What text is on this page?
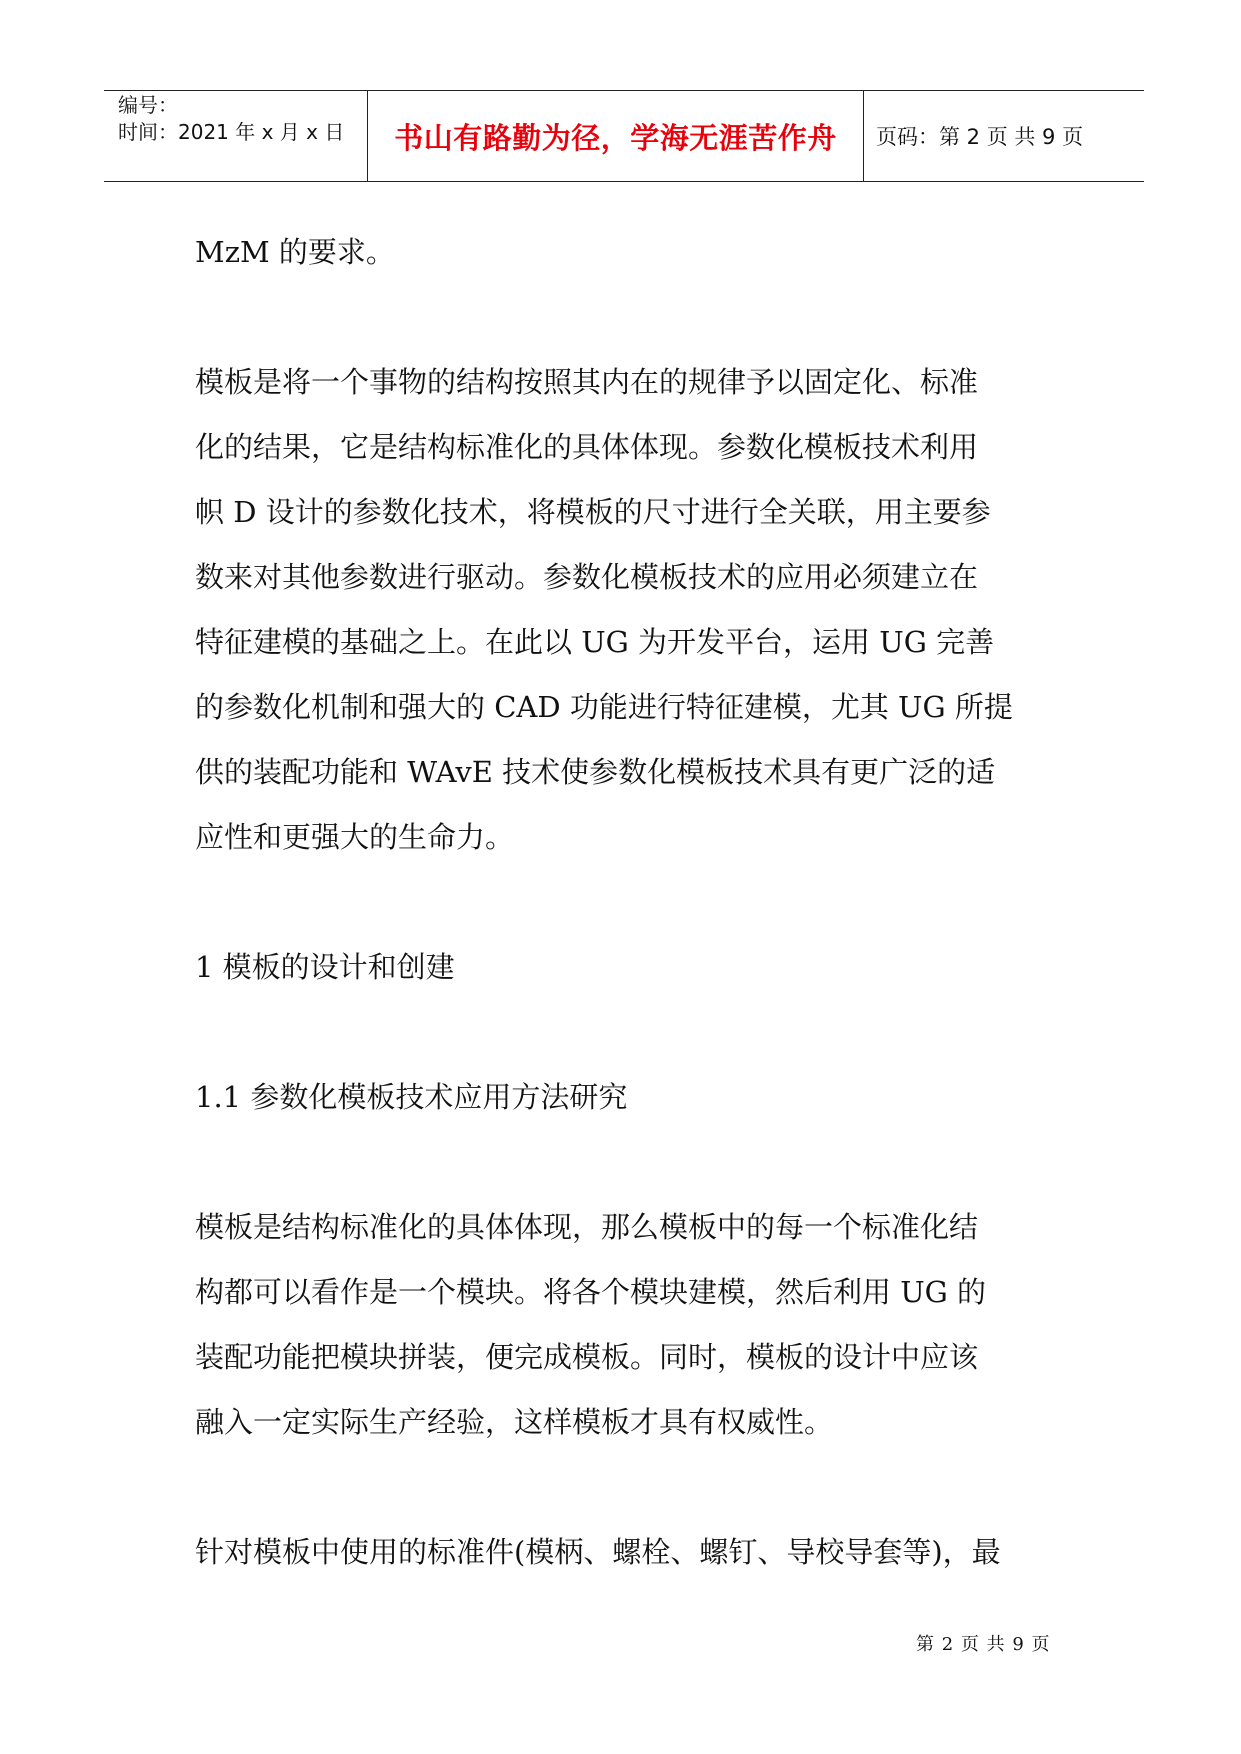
编号：
时间：2021 年 x 月 x 日	书山有路勤为径，学海无涯苦作舟 页码：第 2 页 共 9 页

MzM 的要求。

模板是将一个事物的结构按照其内在的规律予以固定化、标准
化的结果，它是结构标准化的具体体现。参数化模板技术利用
帜 D 设计的参数化技术，将模板的尺寸进行全关联，用主要参
数来对其他参数进行驱动。参数化模板技术的应用必须建立在
特征建模的基础之上。在此以 UG 为开发平台，运用 UG 完善
的参数化机制和强大的 CAD 功能进行特征建模，尤其 UG 所提
供的装配功能和 WAvE 技术使参数化模板技术具有更广泛的适
应性和更强大的生命力。

1 模板的设计和创建

1.1 参数化模板技术应用方法研究

模板是结构标准化的具体体现，那么模板中的每一个标准化结
构都可以看作是一个模块。将各个模块建模，然后利用 UG 的
装配功能把模块拼装，便完成模板。同时，模板的设计中应该
融入一定实际生产经验，这样模板才具有权威性。

针对模板中使用的标准件(模柄、螺栓、螺钉、导校导套等)，最

第 2 页 共 9 页
